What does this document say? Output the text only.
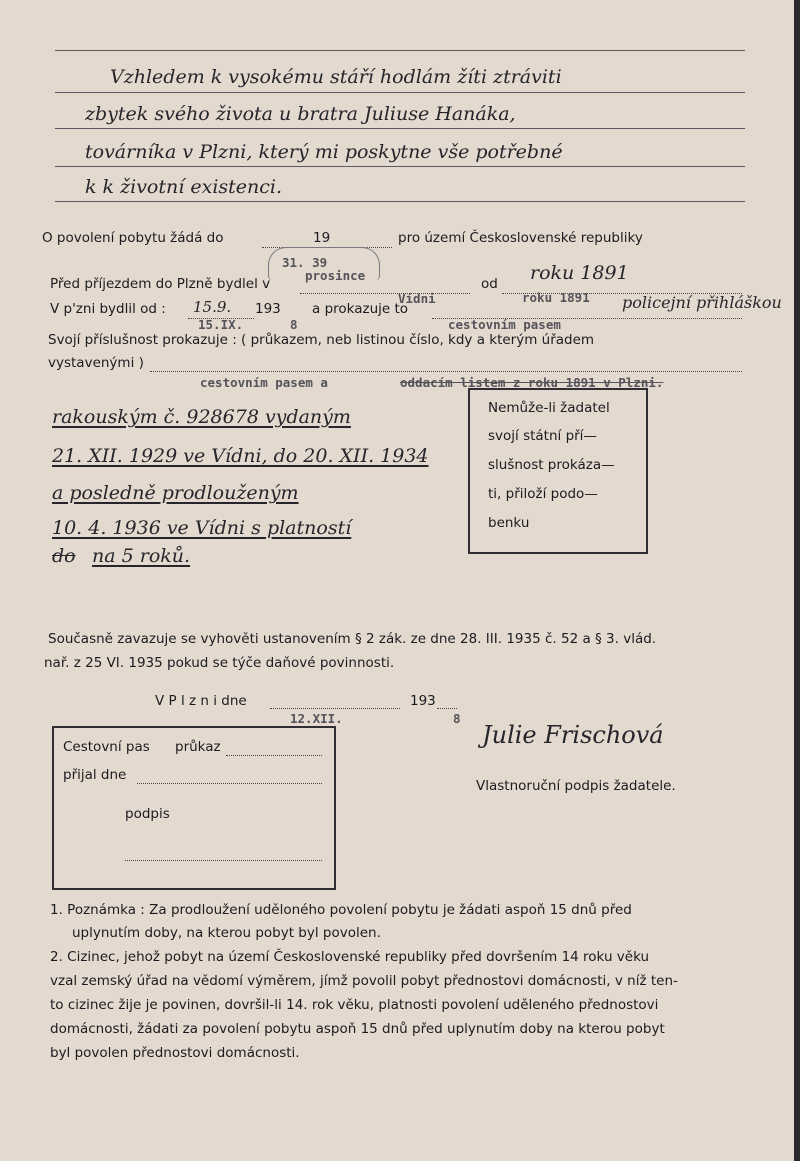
Vzhledem k vysokému stáří hodlám žíti ztráviti

zbytek svého života u bratra Juliuse Hanáka,

továrníka v Plzni, který mi poskytne vše potřebné

k k životní existenci.

O povolení pobytu žádá do	19	pro území Československé republiky

31. 39

prosince

Před příjezdem do Plzně bydlel v	od roku 1891

Vídni

V p'zni bydlil od : 15.9. 193 a prokazuje to

roku 1891 policejní přihláškou

15.IX.	8	cestovním pasem

Svojí příslušnost prokazuje : ( průkazem, neb listinou číslo, kdy a kterým úřadem

vystavenými )

cestovním pasem a	oddacím listem z roku 1891 v Plzni.

rakouským č. 928678 vydaným

21. XII. 1929 ve Vídni, do 20. XII. 1934

a posledně prodlouženým

10. 4. 1936 ve Vídni s platností

do na 5 roků.

Nemůže-li žadatel

svojí státní pří—

slušnost prokáza—

ti, přiloží podo—

benku

Současně zavazuje se vyhověti ustanovením § 2 zák. ze dne 28. III. 1935 č. 52 a § 3. vlád.

nař. z 25 VI. 1935 pokud se týče daňové povinnosti.

V P l z n i dne	193

12.XII.	8

Julie Frischová

Vlastnoruční podpis žadatele.

Cestovní pas průkaz

přijal dne

podpis

1. Poznámka : Za prodloužení uděloného povolení pobytu je žádati aspoň 15 dnů před

uplynutím doby, na kterou pobyt byl povolen.

2. Cizinec, jehož pobyt na území Československé republiky před dovršením 14 roku věku

vzal zemský úřad na vědomí výměrem, jímž povolil pobyt přednostovi domácnosti, v níž ten-

to cizinec žije je povinen, dovršil-li 14. rok věku, platnosti povolení uděleného přednostovi

domácnosti, žádati za povolení pobytu aspoň 15 dnů před uplynutím doby na kterou pobyt

byl povolen přednostovi domácnosti.
